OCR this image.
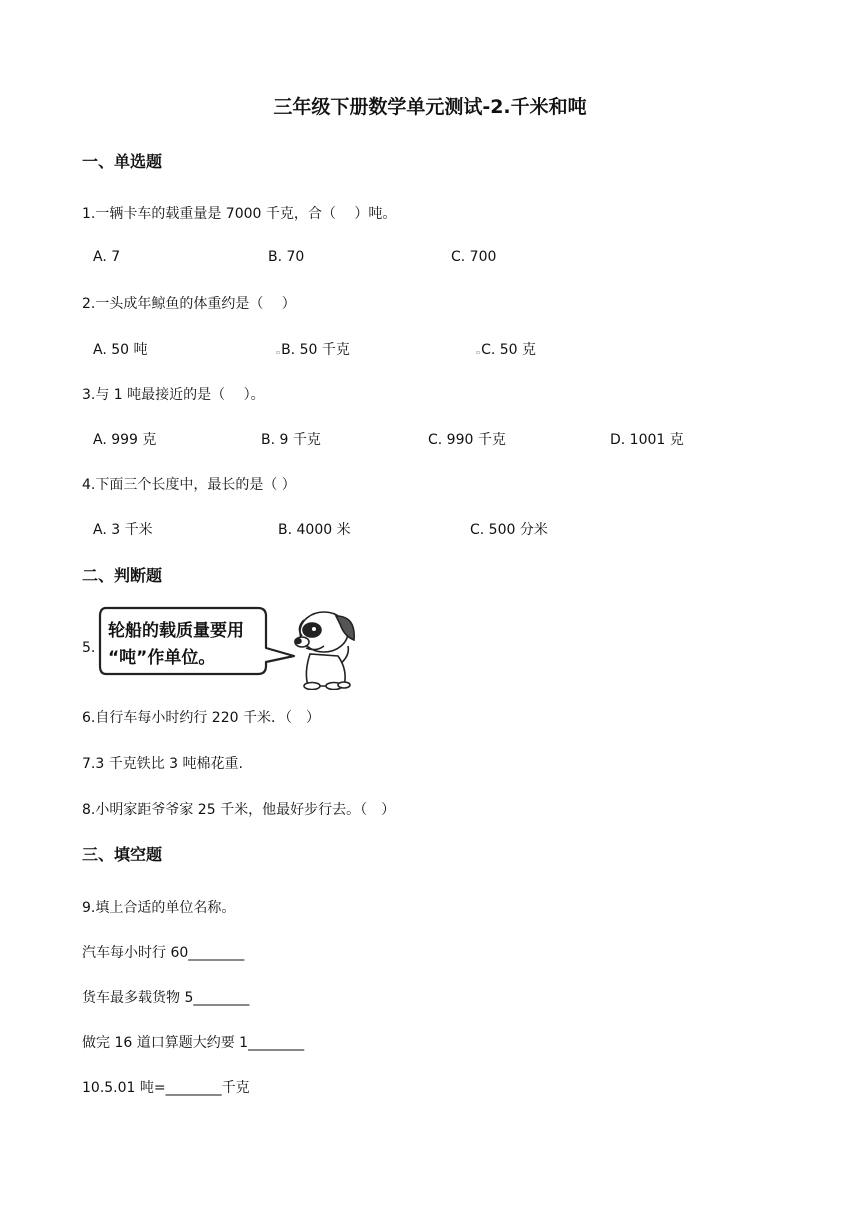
三年级下册数学单元测试-2.千米和吨
一、单选题
1.一辆卡车的载重量是 7000 千克，合（　 ）吨。
A. 7	B. 70	C. 700
2.一头成年鲸鱼的体重约是（　 ）
A. 50 吨	▫B. 50 千克	▫C. 50 克
3.与 1 吨最接近的是（　 ）。
A. 999 克	B. 9 千克	C. 990 千克	D. 1001 克
4.下面三个长度中，最长的是（ ）
A. 3 千米	B. 4000 米	C. 500 分米
二、判断题
5.
轮船的载质量要用
“吨”作单位。
6.自行车每小时约行 220 千米．（　）
7.3 千克铁比 3 吨棉花重.
8.小明家距爷爷家 25 千米，他最好步行去。（　）
三、填空题
9.填上合适的单位名称。
汽车每小时行 60________
货车最多载货物 5________
做完 16 道口算题大约要 1________
10.5.01 吨=________千克
